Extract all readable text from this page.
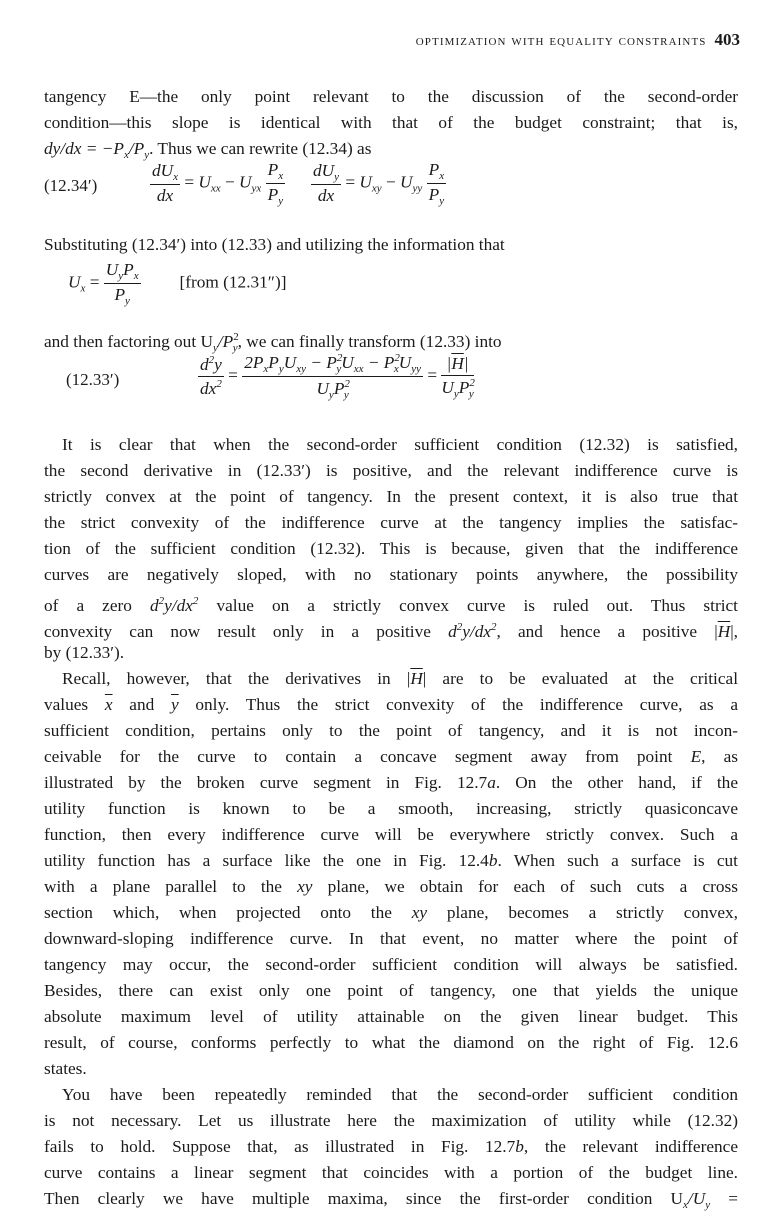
optimization with equality constraints 403
tangency E—the only point relevant to the discussion of the second-order
condition—this slope is identical with that of the budget constraint; that is,
$dy/dx = -P_x/P_y$. Thus we can rewrite (12.34) as
(12.34′)	$\frac{dU_x}{dx} = U_{xx} - U_{yx} \frac{P_x}{P_y}$
$\frac{dU_y}{dx} = U_{xy} - U_{yy} \frac{P_x}{P_y}$
Substituting (12.34′) into (12.33) and utilizing the information that
$U_x = \frac{U_yP_x}{P_y}$ [from (12.31″)]
and then factoring out $U_y/P^2_y$, we can finally transform (12.33) into
(12.33′)	$\frac{d^2y}{dx^2} = \frac{2P_xP_yU_{xy} - P^2_yU_{xx} - P^2_xU_{yy}}{U_yP^2_y} = \frac{|\overline{H}|}{U_yP^2_y}$
It is clear that when the second-order sufficient condition (12.32) is satisfied,
the second derivative in (12.33′) is positive, and the relevant indifference curve is
strictly convex at the point of tangency. In the present context, it is also true that
the strict convexity of the indifference curve at the tangency implies the satisfac-
tion of the sufficient condition (12.32). This is because, given that the indifference
curves are negatively sloped, with no stationary points anywhere, the possibility
of a zero $d^2y/dx^2$ value on a strictly convex curve is ruled out. Thus strict
convexity can now result only in a positive $d^2y/dx^2$, and hence a positive $|\overline{H}|$,
by (12.33′).
Recall, however, that the derivatives in $|\overline{H}|$ are to be evaluated at the critical
values $\overline{x}$ and $\overline{y}$ only. Thus the strict convexity of the indifference curve, as a
sufficient condition, pertains only to the point of tangency, and it is not incon-
ceivable for the curve to contain a concave segment away from point E, as
illustrated by the broken curve segment in Fig. 12.7a. On the other hand, if the
utility function is known to be a smooth, increasing, strictly quasiconcave
function, then every indifference curve will be everywhere strictly convex. Such a
utility function has a surface like the one in Fig. 12.4b. When such a surface is cut
with a plane parallel to the xy plane, we obtain for each of such cuts a cross
section which, when projected onto the xy plane, becomes a strictly convex,
downward-sloping indifference curve. In that event, no matter where the point of
tangency may occur, the second-order sufficient condition will always be satisfied.
Besides, there can exist only one point of tangency, one that yields the unique
absolute maximum level of utility attainable on the given linear budget. This
result, of course, conforms perfectly to what the diamond on the right of Fig. 12.6
states.
You have been repeatedly reminded that the second-order sufficient condition
is not necessary. Let us illustrate here the maximization of utility while (12.32)
fails to hold. Suppose that, as illustrated in Fig. 12.7b, the relevant indifference
curve contains a linear segment that coincides with a portion of the budget line.
Then clearly we have multiple maxima, since the first-order condition $U_x/U_y$ =
